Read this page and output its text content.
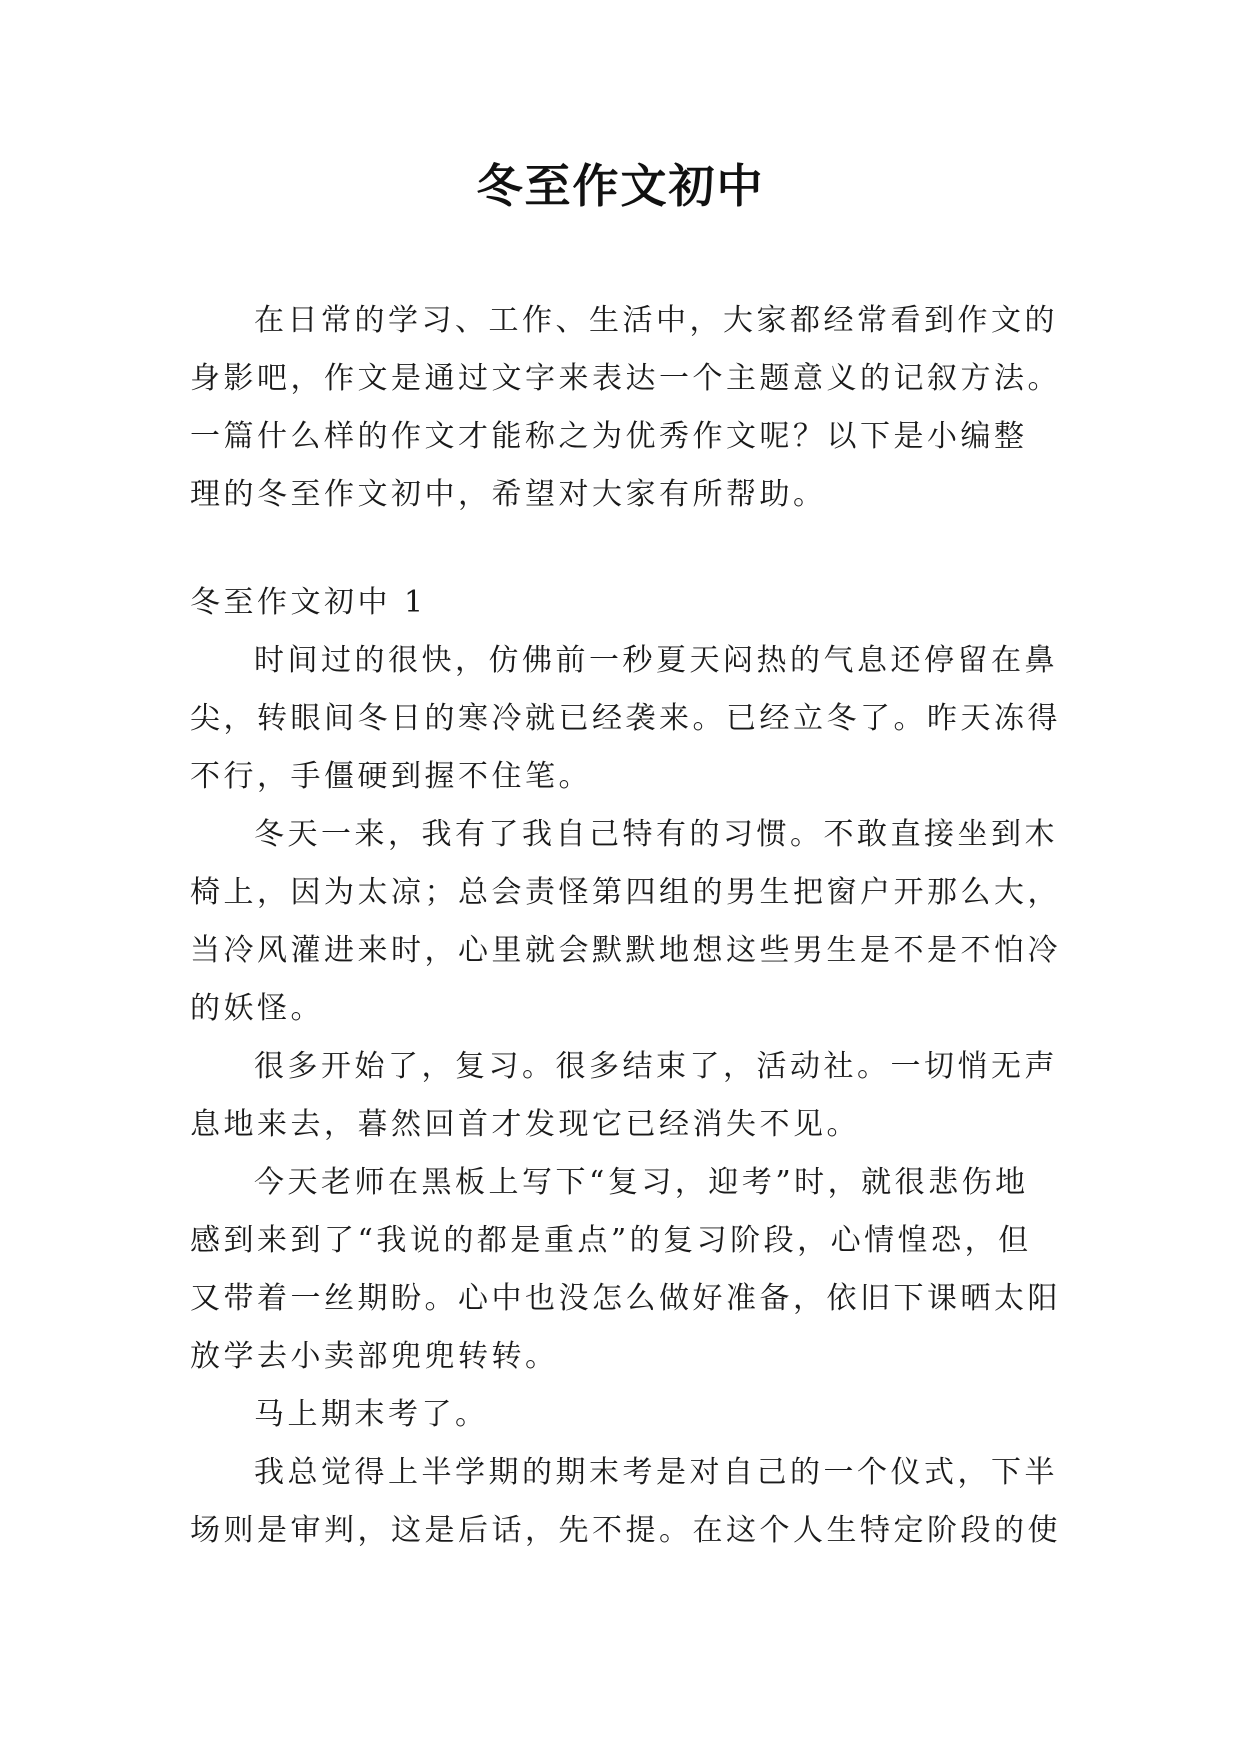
冬至作文初中
在日常的学习、工作、生活中，大家都经常看到作文的
身影吧，作文是通过文字来表达一个主题意义的记叙方法。
一篇什么样的作文才能称之为优秀作文呢？以下是小编整
理的冬至作文初中，希望对大家有所帮助。
冬至作文初中 1
时间过的很快，仿佛前一秒夏天闷热的气息还停留在鼻
尖，转眼间冬日的寒冷就已经袭来。已经立冬了。昨天冻得
不行，手僵硬到握不住笔。
冬天一来，我有了我自己特有的习惯。不敢直接坐到木
椅上，因为太凉；总会责怪第四组的男生把窗户开那么大，
当冷风灌进来时，心里就会默默地想这些男生是不是不怕冷
的妖怪。
很多开始了，复习。很多结束了，活动社。一切悄无声
息地来去，暮然回首才发现它已经消失不见。
今天老师在黑板上写下“复习，迎考”时，就很悲伤地
感到来到了“我说的都是重点”的复习阶段，心情惶恐，但
又带着一丝期盼。心中也没怎么做好准备，依旧下课晒太阳
放学去小卖部兜兜转转。
马上期末考了。
我总觉得上半学期的期末考是对自己的一个仪式，下半
场则是审判，这是后话，先不提。在这个人生特定阶段的使
